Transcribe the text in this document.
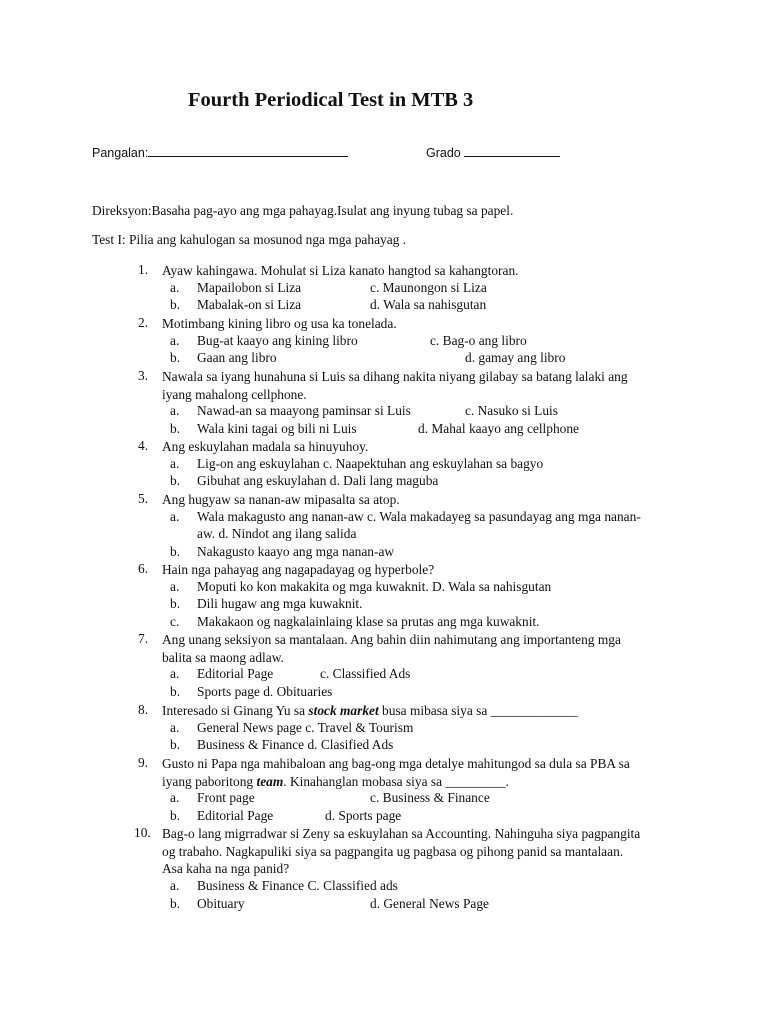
Fourth Periodical Test in MTB 3
Pangalan:	Grado
Direksyon:Basaha pag-ayo ang mga pahayag.Isulat ang inyung tubag sa papel.
Test I: Pilia ang kahulogan sa mosunod nga mga pahayag .
1. Ayaw kahingawa. Mohulat si Liza kanato hangtod sa kahangtoran.
a. Mapailobon si Liza	c. Maunongon si Liza
b. Mabalak-on si Liza	d. Wala sa nahisgutan
2. Motimbang kining libro og usa ka tonelada.
a. Bug-at kaayo ang kining libro	c. Bag-o ang libro
b. Gaan ang libro	d. gamay ang libro
3. Nawala sa iyang hunahuna si Luis sa dihang nakita niyang gilabay sa batang lalaki ang
iyang mahalong cellphone.
a. Nawad-an sa maayong paminsar si Luis	c. Nasuko si Luis
b. Wala kini tagai og bili ni Luis	d. Mahal kaayo ang cellphone
4. Ang eskuylahan madala sa hinuyuhoy.
a. Lig-on ang eskuylahan c. Naapektuhan ang eskuylahan sa bagyo
b. Gibuhat ang eskuylahan d. Dali lang maguba
5. Ang hugyaw sa nanan-aw mipasalta sa atop.
a. Wala makagusto ang nanan-aw c. Wala makadayeg sa pasundayag ang mga nanan-
aw. d. Nindot ang ilang salida
b. Nakagusto kaayo ang mga nanan-aw
6. Hain nga pahayag ang nagapadayag og hyperbole?
a. Moputi ko kon makakita og mga kuwaknit. D. Wala sa nahisgutan
b. Dili hugaw ang mga kuwaknit.
c. Makakaon og nagkalainlaing klase sa prutas ang mga kuwaknit.
7. Ang unang seksiyon sa mantalaan. Ang bahin diin nahimutang ang importanteng mga
balita sa maong adlaw.
a. Editorial Page	c. Classified Ads
b. Sports page d. Obituaries
8. Interesado si Ginang Yu sa stock market busa mibasa siya sa _____________
a. General News page c. Travel & Tourism
b. Business & Finance d. Clasified Ads
9. Gusto ni Papa nga mahibaloan ang bag-ong mga detalye mahitungod sa dula sa PBA sa
iyang paboritong team. Kinahanglan mobasa siya sa _________.
a. Front page	c. Business & Finance
b. Editorial Page	d. Sports page
10. Bag-o lang migrradwar si Zeny sa eskuylahan sa Accounting. Nahinguha siya pagpangita
og trabaho. Nagkapuliki siya sa pagpangita ug pagbasa og pihong panid sa mantalaan.
Asa kaha na nga panid?
a. Business & Finance C. Classified ads
b. Obituary	d. General News Page
